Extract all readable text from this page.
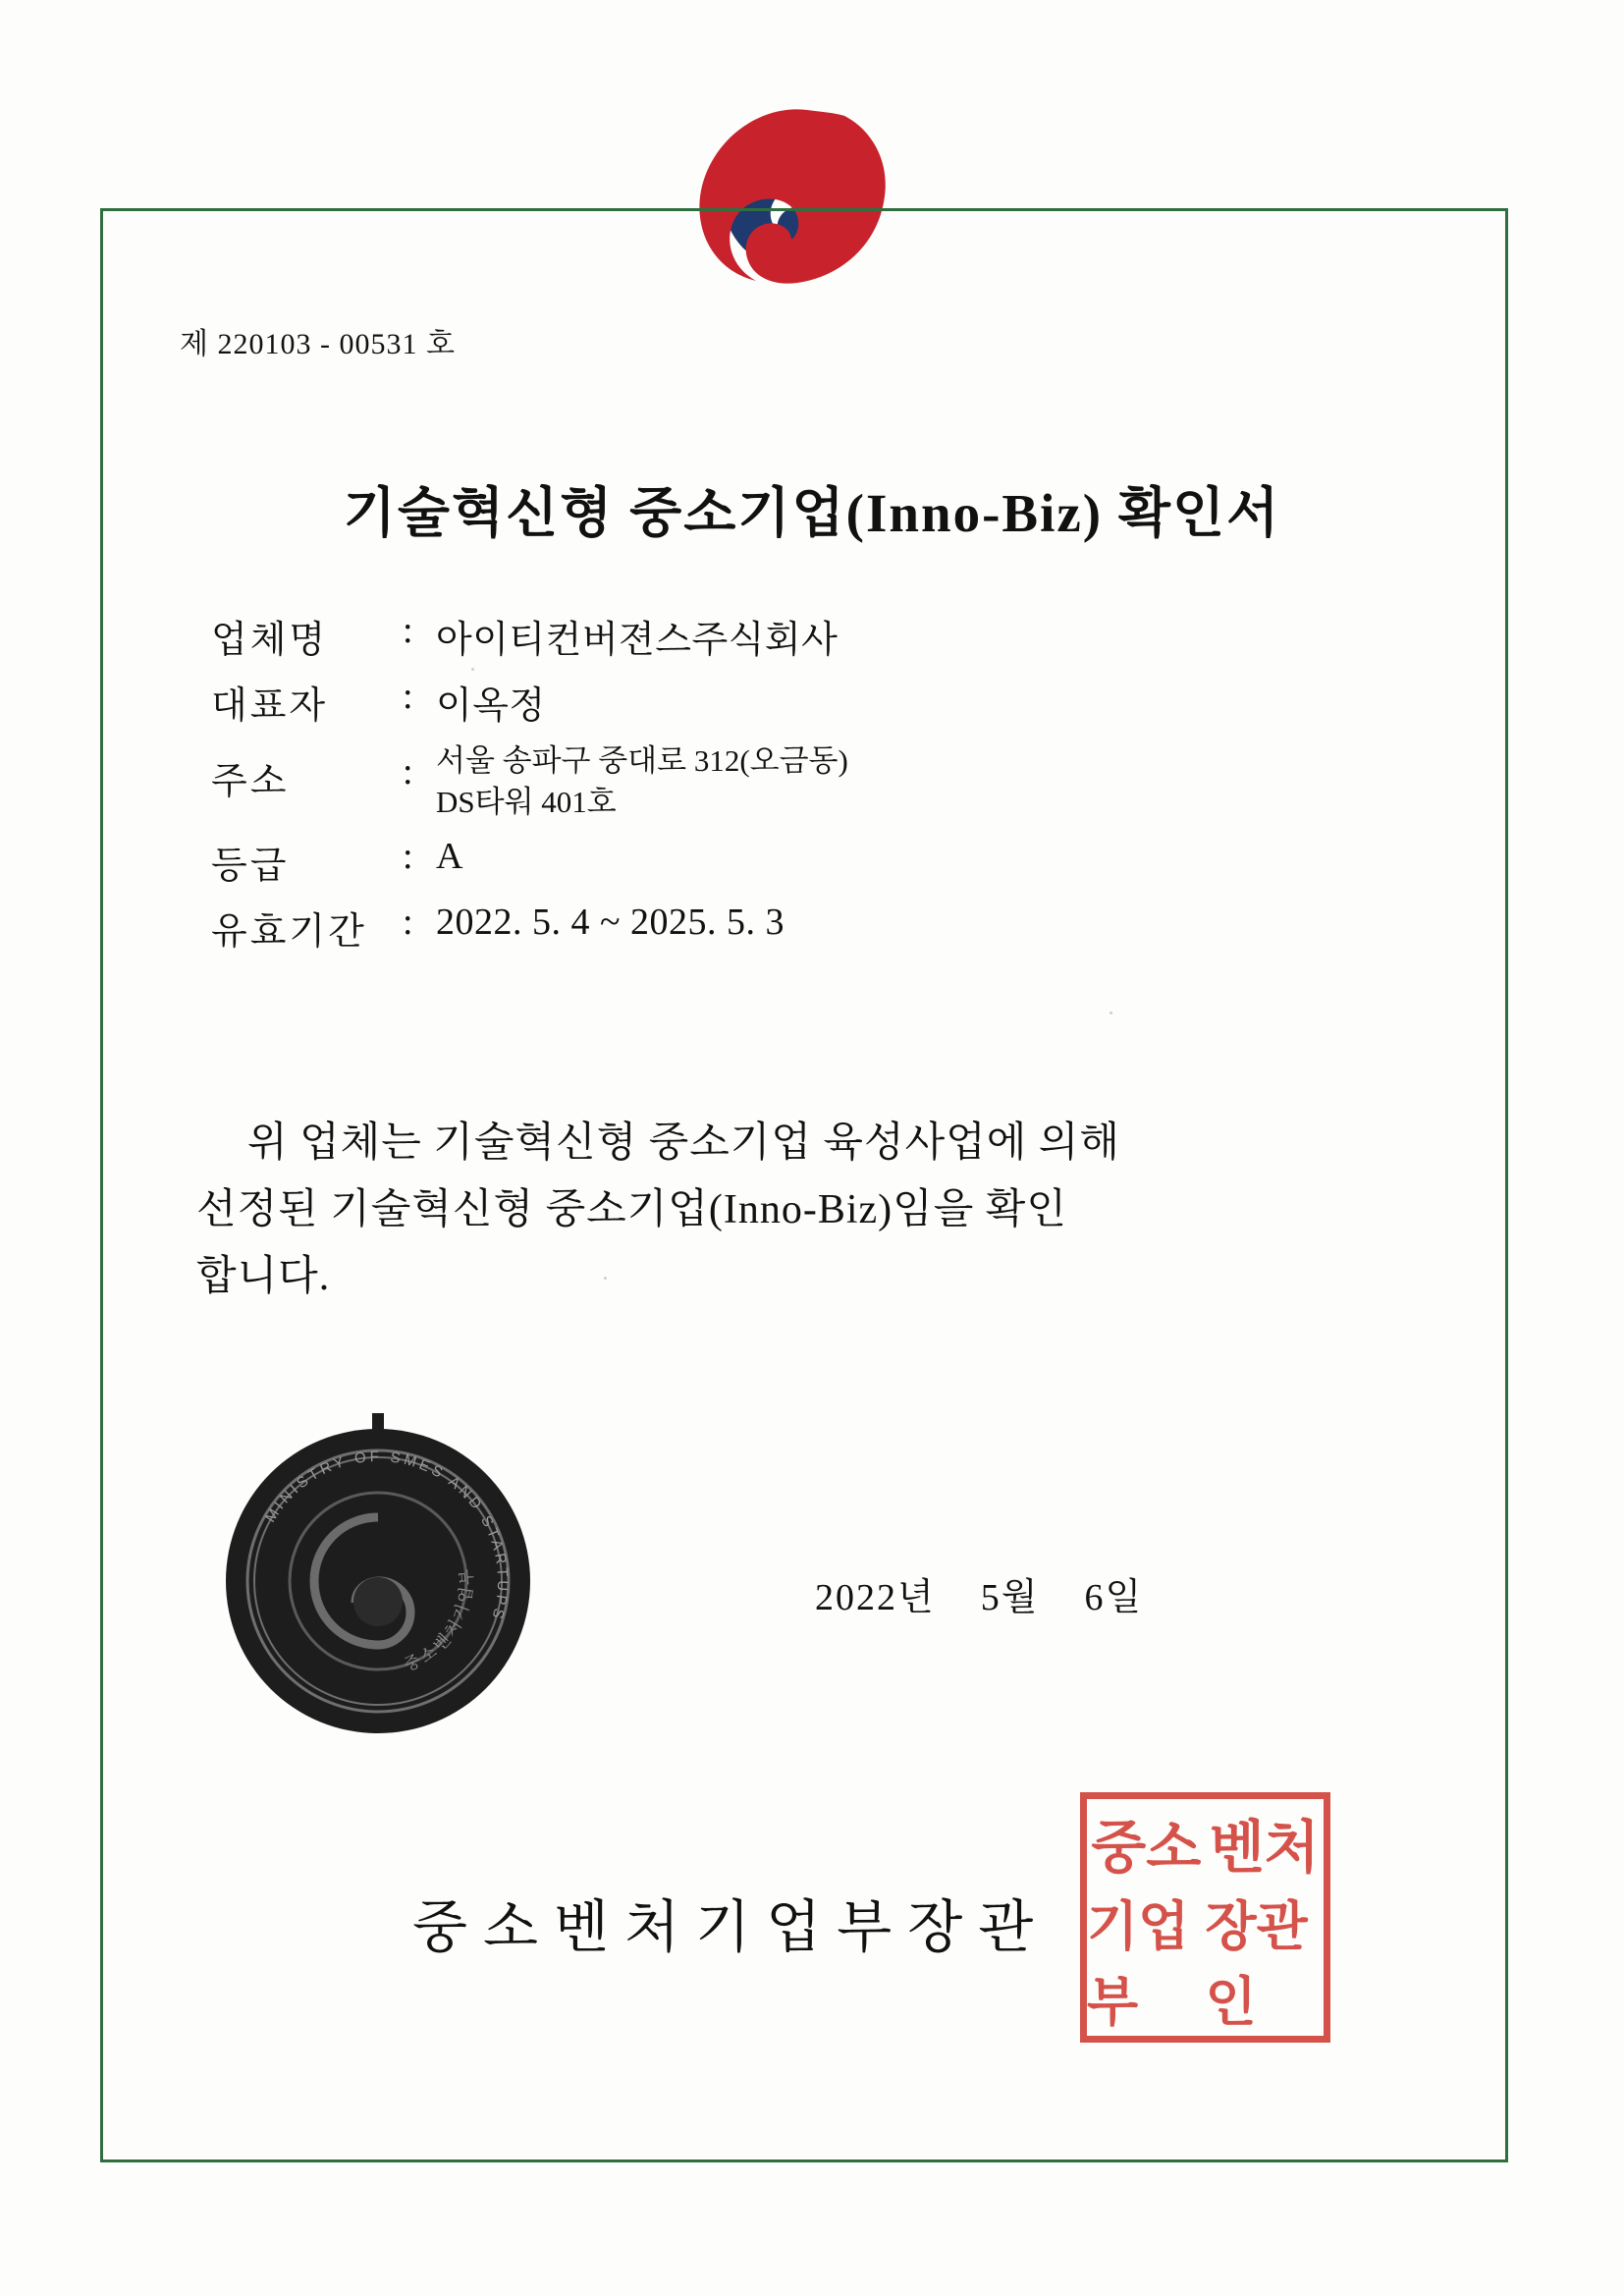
제 220103 - 00531 호
기술혁신형 중소기업(Inno-Biz) 확인서
업체명	: 아이티컨버젼스주식회사
대표자	: 이옥정
주소	: 서울 송파구 중대로 312(오금동)
DS타워 401호
등급	: A
유효기간 : 2022. 5. 4 ~ 2025. 5. 3
위 업체는 기술혁신형 중소기업 육성사업에 의해
선정된 기술혁신형 중소기업(Inno-Biz)임을 확인
합니다.
MINISTRY OF SMES AND STARTUPS
중소벤처기업부
2022년 5월 6일
중소벤처기업부장관
중소 벤처
기업부
장관인
